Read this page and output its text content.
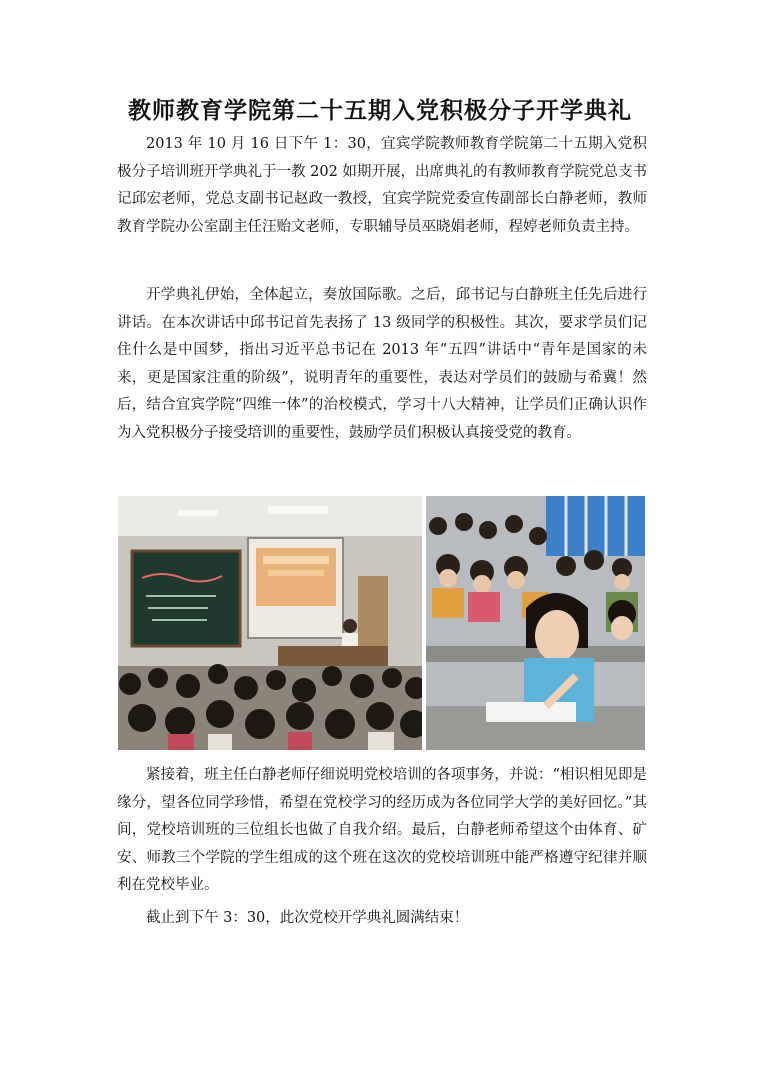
教师教育学院第二十五期入党积极分子开学典礼

2013 年 10 月 16 日下午 1：30，宜宾学院教师教育学院第二十五期入党积极分子培训班开学典礼于一教 202 如期开展，出席典礼的有教师教育学院党总支书记邱宏老师，党总支副书记赵政一教授，宜宾学院党委宣传副部长白静老师，教师教育学院办公室副主任汪贻文老师，专职辅导员巫晓娟老师，程婷老师负责主持。

开学典礼伊始，全体起立，奏放国际歌。之后，邱书记与白静班主任先后进行讲话。在本次讲话中邱书记首先表扬了 13 级同学的积极性。其次，要求学员们记住什么是中国梦，指出习近平总书记在 2013 年“五四”讲话中“青年是国家的未来，更是国家注重的阶级”，说明青年的重要性，表达对学员们的鼓励与希冀！然后，结合宜宾学院“四维一体”的治校模式，学习十八大精神，让学员们正确认识作为入党积极分子接受培训的重要性，鼓励学员们积极认真接受党的教育。

紧接着，班主任白静老师仔细说明党校培训的各项事务，并说：“相识相见即是缘分，望各位同学珍惜，希望在党校学习的经历成为各位同学大学的美好回忆。”其间，党校培训班的三位组长也做了自我介绍。最后，白静老师希望这个由体育、矿安、师教三个学院的学生组成的这个班在这次的党校培训班中能严格遵守纪律并顺利在党校毕业。

截止到下午 3：30，此次党校开学典礼圆满结束！
